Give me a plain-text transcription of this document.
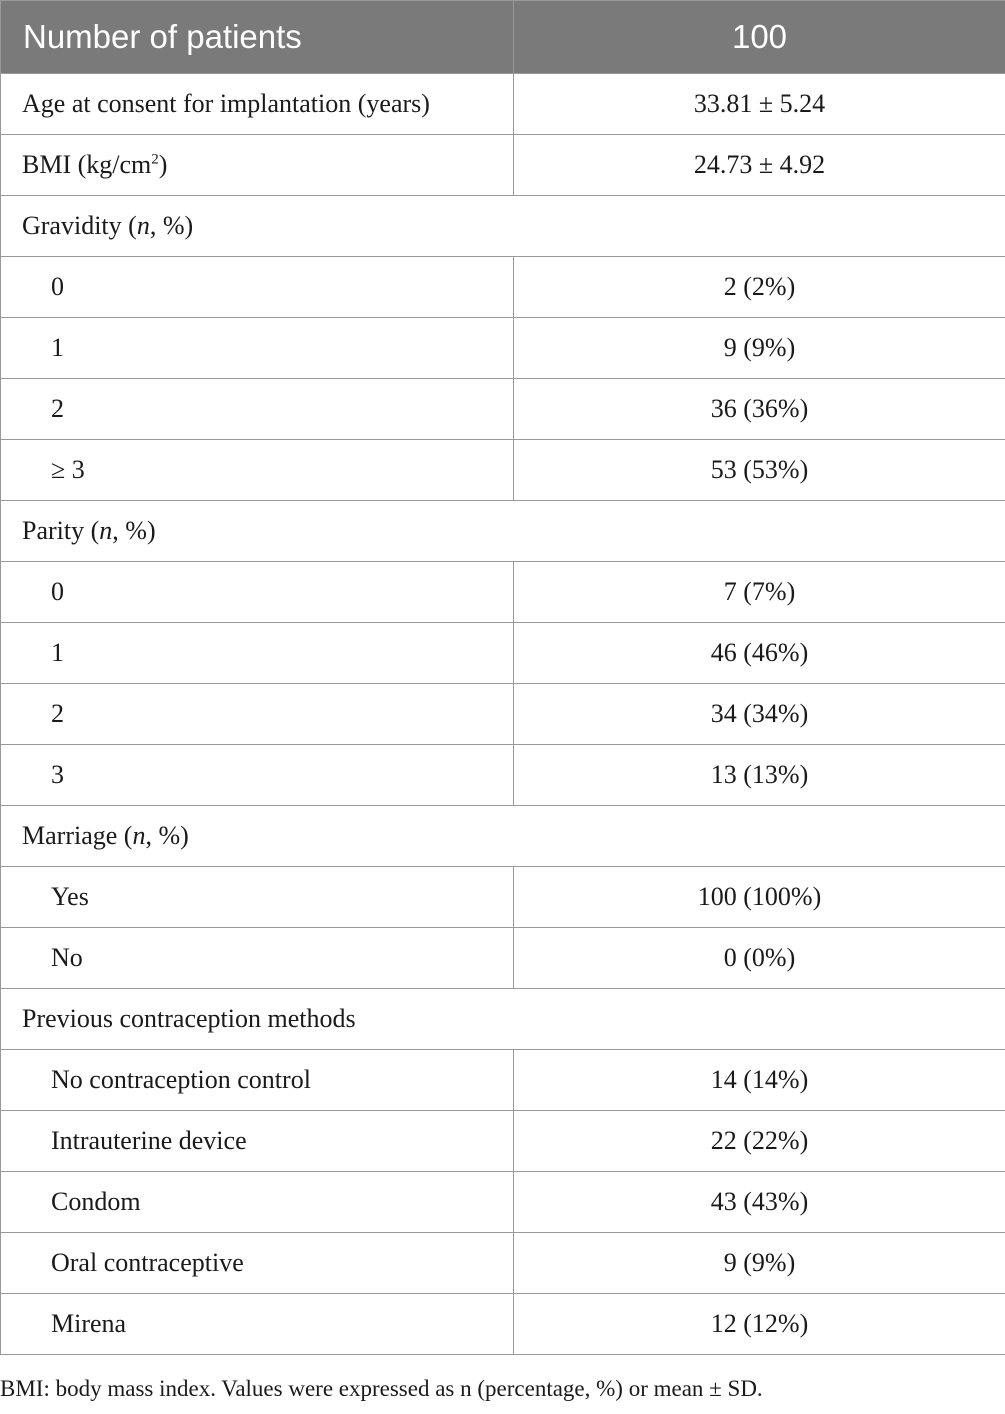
Number of patients	100
Age at consent for implantation (years)	33.81 ± 5.24
BMI $(kg/cm^2)$	24.73 ± 4.92
Gravidity (n, %)	
0	2 (2%)
1	9 (9%)
2	36 (36%)
≥ 3	53 (53%)
Parity (n, %)	
0	7 (7%)
1	46 (46%)
2	34 (34%)
3	13 (13%)
Marriage (n, %)	
Yes	100 (100%)
No	0 (0%)
Previous contraception methods	
No contraception control	14 (14%)
Intrauterine device	22 (22%)
Condom	43 (43%)
Oral contraceptive	9 (9%)
Mirena	12 (12%)
BMI: body mass index. Values were expressed as n (percentage, %) or mean ± SD.
